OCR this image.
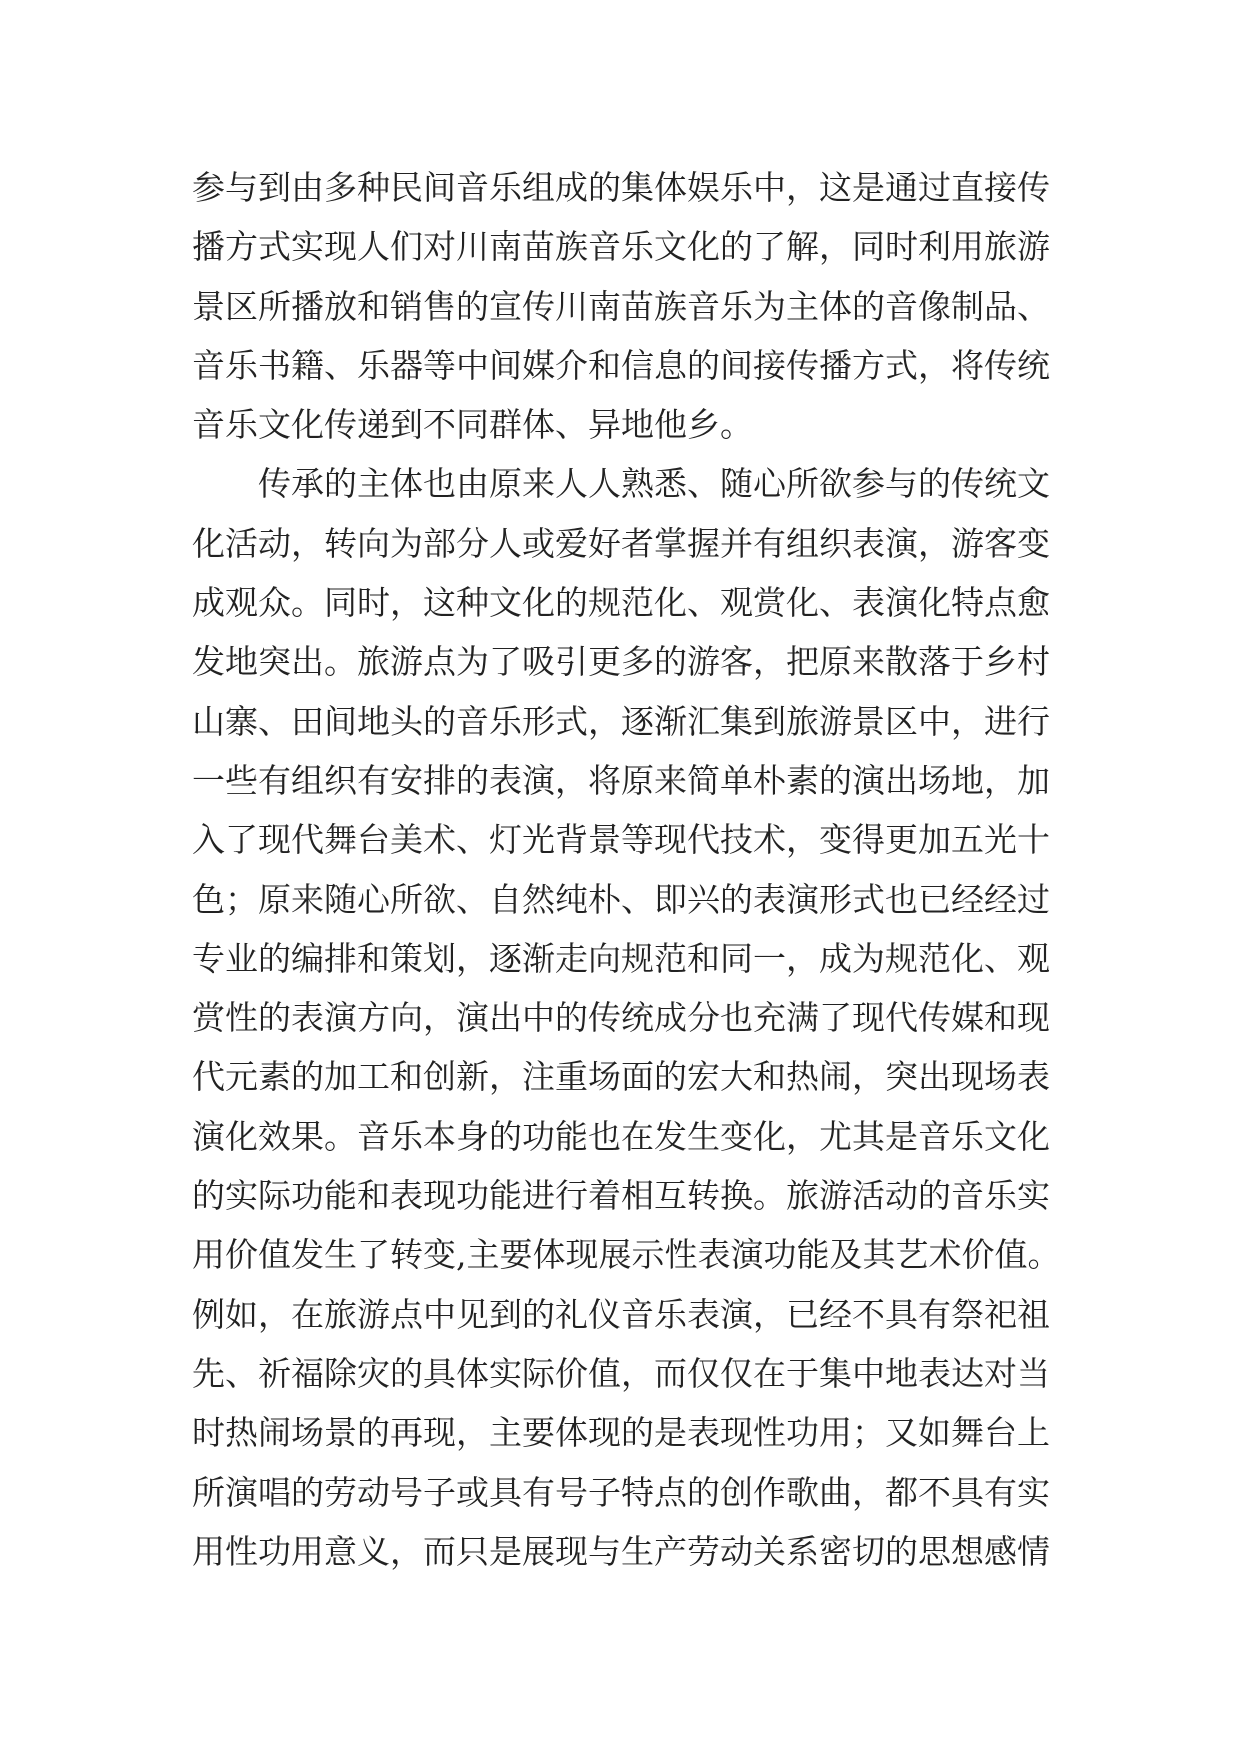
参与到由多种民间音乐组成的集体娱乐中，这是通过直接传
播方式实现人们对川南苗族音乐文化的了解，同时利用旅游
景区所播放和销售的宣传川南苗族音乐为主体的音像制品、
音乐书籍、乐器等中间媒介和信息的间接传播方式，将传统
音乐文化传递到不同群体、异地他乡。
传承的主体也由原来人人熟悉、随心所欲参与的传统文
化活动，转向为部分人或爱好者掌握并有组织表演，游客变
成观众。同时，这种文化的规范化、观赏化、表演化特点愈
发地突出。旅游点为了吸引更多的游客，把原来散落于乡村
山寨、田间地头的音乐形式，逐渐汇集到旅游景区中，进行
一些有组织有安排的表演，将原来简单朴素的演出场地，加
入了现代舞台美术、灯光背景等现代技术，变得更加五光十
色；原来随心所欲、自然纯朴、即兴的表演形式也已经经过
专业的编排和策划，逐渐走向规范和同一，成为规范化、观
赏性的表演方向，演出中的传统成分也充满了现代传媒和现
代元素的加工和创新，注重场面的宏大和热闹，突出现场表
演化效果。音乐本身的功能也在发生变化，尤其是音乐文化
的实际功能和表现功能进行着相互转换。旅游活动的音乐实
用价值发生了转变,主要体现展示性表演功能及其艺术价值。
例如，在旅游点中见到的礼仪音乐表演，已经不具有祭祀祖
先、祈福除灾的具体实际价值，而仅仅在于集中地表达对当
时热闹场景的再现，主要体现的是表现性功用；又如舞台上
所演唱的劳动号子或具有号子特点的创作歌曲，都不具有实
用性功用意义，而只是展现与生产劳动关系密切的思想感情
